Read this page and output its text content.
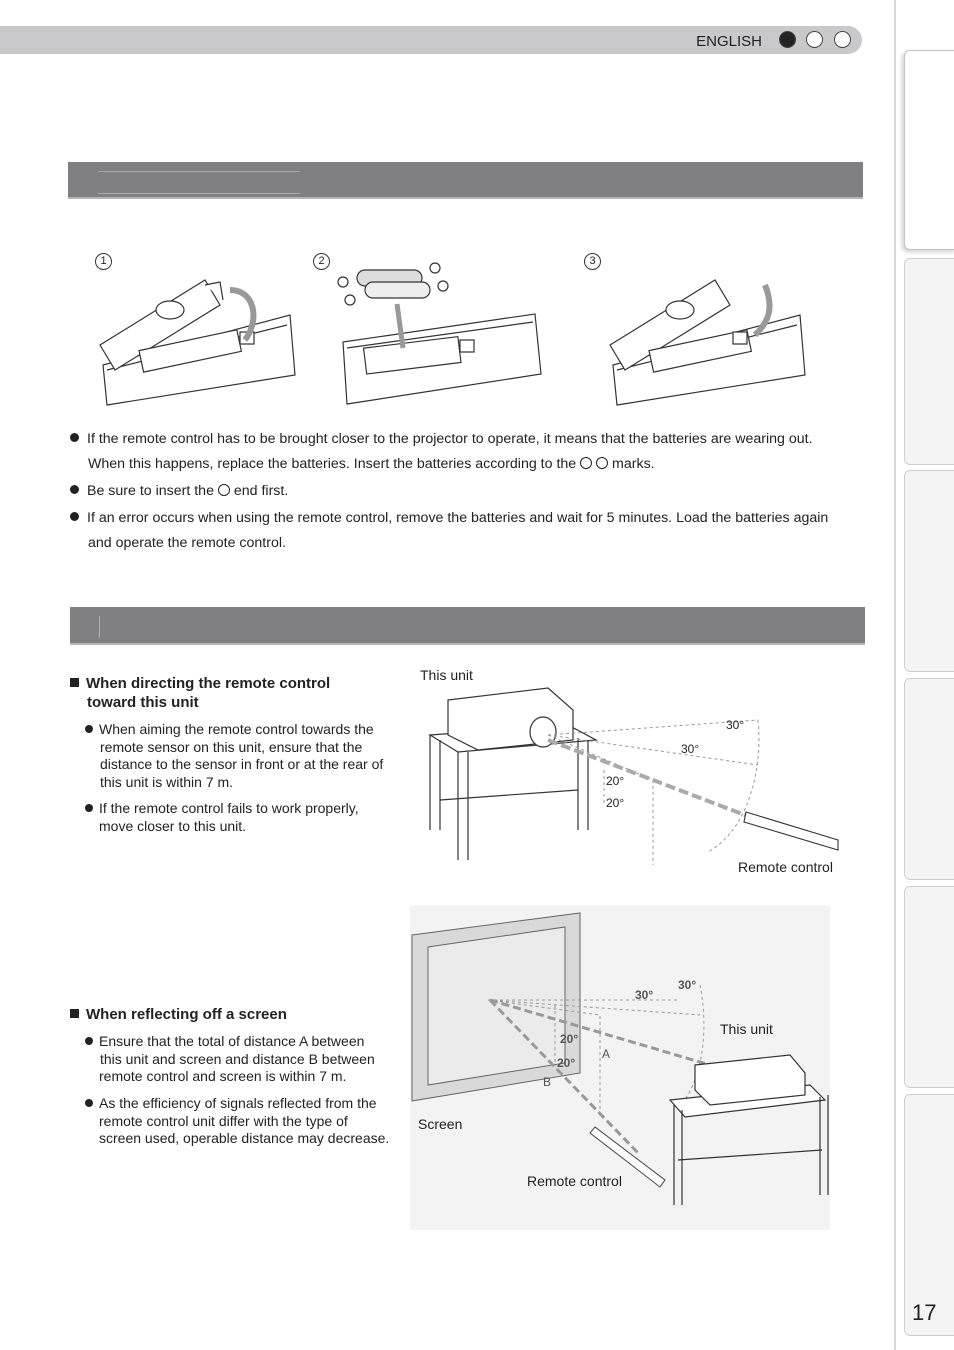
ENGLISH
17
1	2	3
If the remote control has to be brought closer to the projector to operate, it means that the batteries are wearing out.
When this happens, replace the batteries. Insert the batteries according to the	marks.
Be sure to insert the end first.
If an error occurs when using the remote control, remove the batteries and wait for 5 minutes. Load the batteries again
and operate the remote control.
When directing the remote control
toward this unit
When aiming the remote control towards the
remote sensor on this unit, ensure that the
distance to the sensor in front or at the rear of
this unit is within 7 m.
If the remote control fails to work properly,
move closer to this unit.
This unit
Remote control
30°
30°
20°
20°
When reflecting off a screen
Ensure that the total of distance A between
this unit and screen and distance B between
remote control and screen is within 7 m.
As the efficiency of signals reflected from the
remote control unit differ with the type of
screen used, operable distance may decrease.
This unit
Screen
Remote control
30°
30°
20°
20°
A
B
